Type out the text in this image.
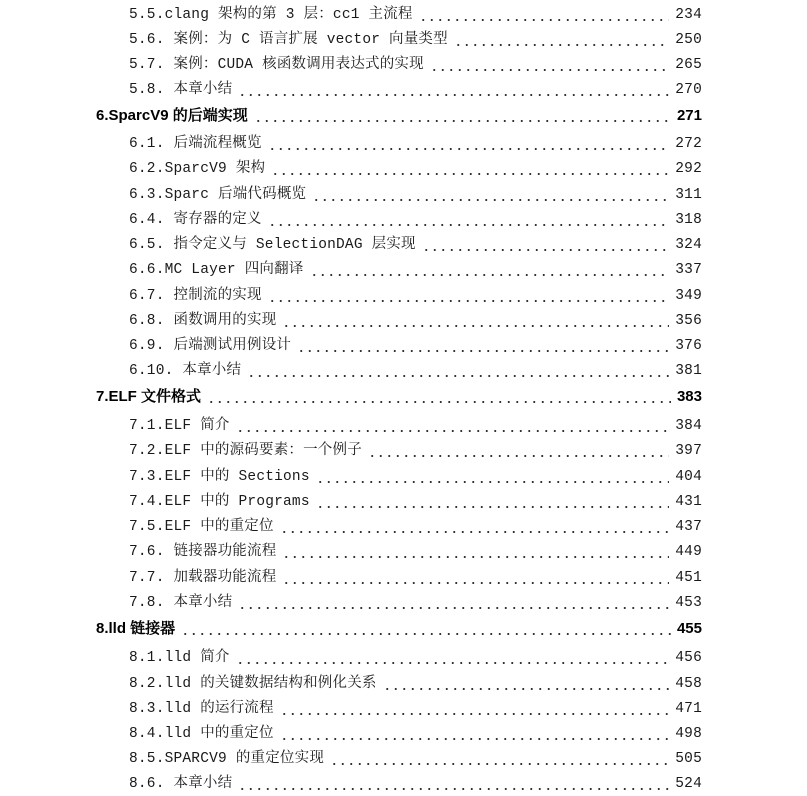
5.5.clang 架构的第 3 层：cc1 主流程	234
5.6. 案例：为 C 语言扩展 vector 向量类型	250
5.7. 案例：CUDA 核函数调用表达式的实现	265
5.8. 本章小结	270
6.SparcV9 的后端实现	271
6.1. 后端流程概览	272
6.2.SparcV9 架构	292
6.3.Sparc 后端代码概览	311
6.4. 寄存器的定义	318
6.5. 指令定义与 SelectionDAG 层实现	324
6.6.MC Layer 四向翻译	337
6.7. 控制流的实现	349
6.8. 函数调用的实现	356
6.9. 后端测试用例设计	376
6.10. 本章小结	381
7.ELF 文件格式	383
7.1.ELF 简介	384
7.2.ELF 中的源码要素：一个例子	397
7.3.ELF 中的 Sections	404
7.4.ELF 中的 Programs	431
7.5.ELF 中的重定位	437
7.6. 链接器功能流程	449
7.7. 加载器功能流程	451
7.8. 本章小结	453
8.lld 链接器	455
8.1.lld 简介	456
8.2.lld 的关键数据结构和例化关系	458
8.3.lld 的运行流程	471
8.4.lld 中的重定位	498
8.5.SPARCV9 的重定位实现	505
8.6. 本章小结	524
